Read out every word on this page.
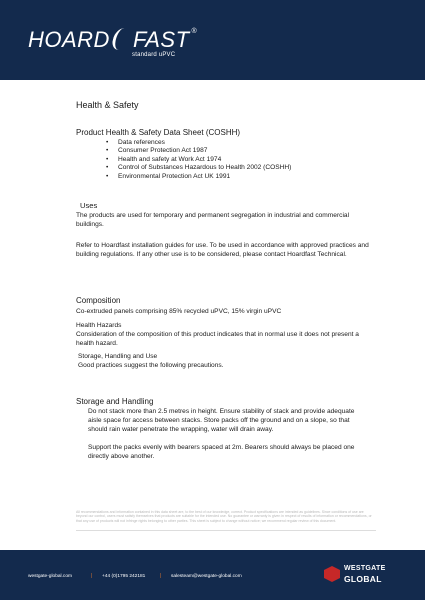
HOARD FAST ®
standard uPVC
Health & Safety
Product Health & Safety Data Sheet (COSHH)
• Data references
• Consumer Protection Act 1987
• Health and safety at Work Act 1974
• Control of Substances Hazardous to Health 2002 (COSHH)
• Environmental Protection Act UK 1991
Uses
The products are used for temporary and permanent segregation in industrial and commercial buildings.
Refer to Hoardfast installation guides for use. To be used in accordance with approved practices and building regulations. If any other use is to be considered, please contact Hoardfast Technical.
Composition
Co-extruded panels comprising 85% recycled uPVC, 15% virgin uPVC
Health Hazards
Consideration of the composition of this product indicates that in normal use it does not present a health hazard.
Storage, Handling and Use
Good practices suggest the following precautions.
Storage and Handling
Do not stack more than 2.5 metres in height. Ensure stability of stack and provide adequate aisle space for access between stacks. Store packs off the ground and on a slope, so that should rain water penetrate the wrapping, water will drain away.
Support the packs evenly with bearers spaced at 2m. Bearers should always be placed one directly above another.
All recommendations and information contained in this data sheet are, to the best of our knowledge, correct. Product specifications are intended as guidelines. Since conditions of use are beyond our control, users must satisfy themselves that products are suitable for the intended use. No guarantee or warranty is given in respect of results of information or recommendations, or that any use of products will not infringe rights belonging to other parties. This sheet is subject to change without notice; we recommend regular review of this document.
westgate-global.com	| +44 (0)1795 242181	| salesteam@westgate-global.com
WESTGATE
GLOBAL
